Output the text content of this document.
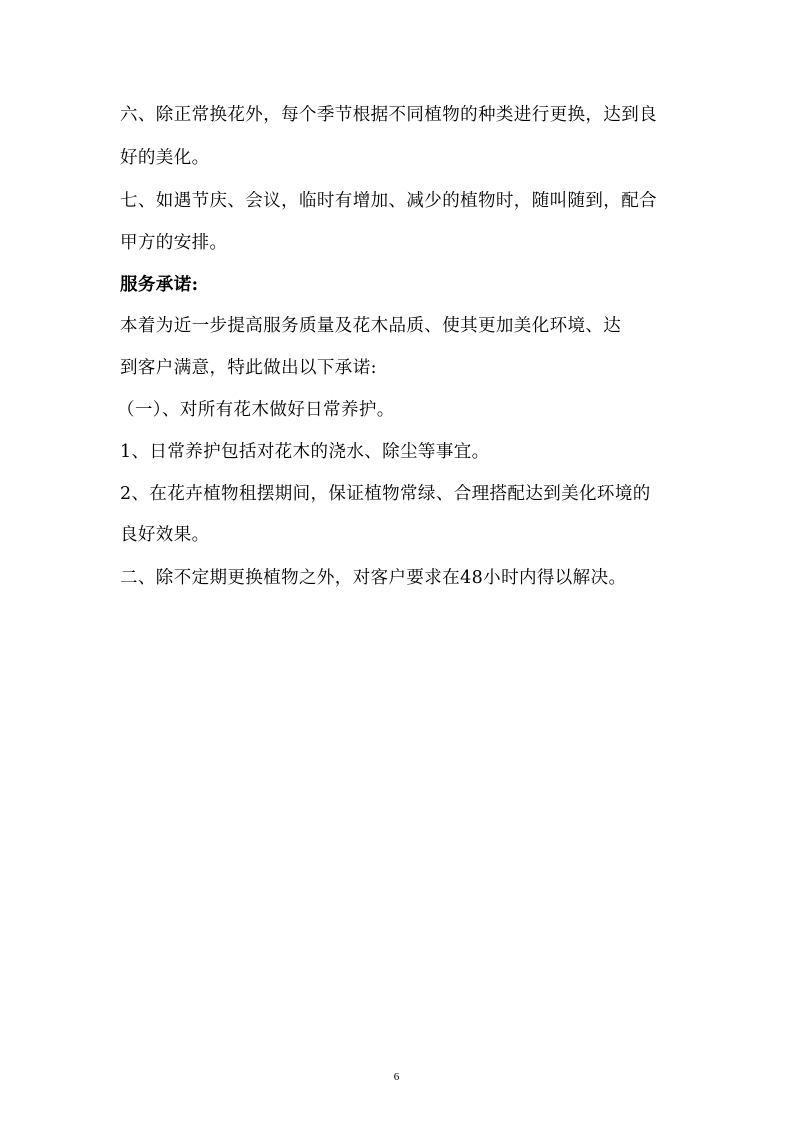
六、除正常换花外，每个季节根据不同植物的种类进行更换，达到良
好的美化。
七、如遇节庆、会议，临时有增加、减少的植物时，随叫随到，配合
甲方的安排。
服务承诺:
本着为近一步提高服务质量及花木品质、使其更加美化环境、达
到客户满意，特此做出以下承诺:
（一）、对所有花木做好日常养护。
1、日常养护包括对花木的浇水、除尘等事宜。
2、在花卉植物租摆期间，保证植物常绿、合理搭配达到美化环境的
良好效果。
二、除不定期更换植物之外，对客户要求在48小时内得以解决。
6
